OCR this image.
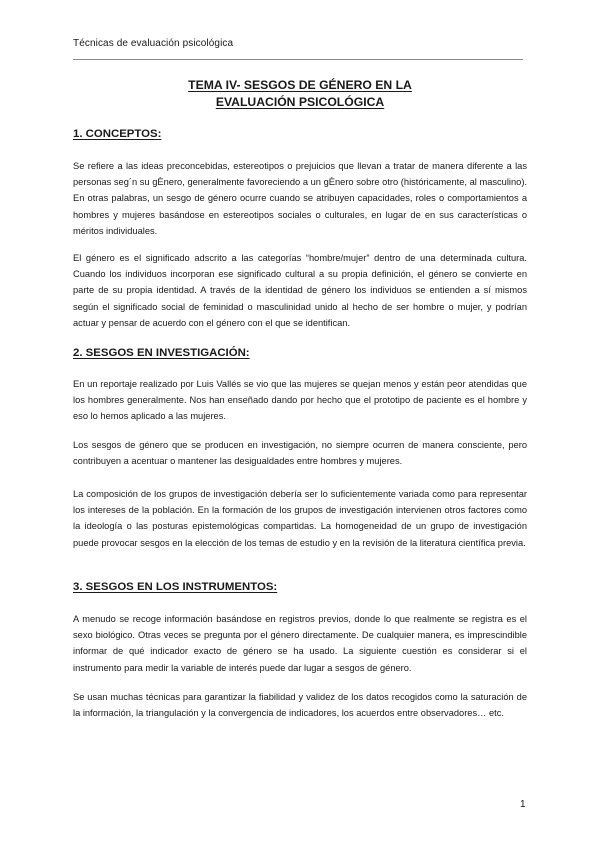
Técnicas de evaluación psicológica
TEMA IV- SESGOS DE GÉNERO EN LA
EVALUACIÓN PSICOLÓGICA
1. CONCEPTOS:
Se refiere a las ideas preconcebidas, estereotipos o prejuicios que llevan a tratar de manera diferente a las personas seg´n su gÈnero, generalmente favoreciendo a un gÈnero sobre otro (históricamente, al masculino). En otras palabras, un sesgo de género ocurre cuando se atribuyen capacidades, roles o comportamientos a hombres y mujeres basándose en estereotipos sociales o culturales, en lugar de en sus características o méritos individuales.
El género es el significado adscrito a las categorías “hombre/mujer” dentro de una determinada cultura. Cuando los individuos incorporan ese significado cultural a su propia definición, el género se convierte en parte de su propia identidad. A través de la identidad de género los individuos se entienden a sí mismos según el significado social de feminidad o masculinidad unido al hecho de ser hombre o mujer, y podrían actuar y pensar de acuerdo con el género con el que se identifican.
2. SESGOS EN INVESTIGACIÓN:
En un reportaje realizado por Luis Vallés se vio que las mujeres se quejan menos y están peor atendidas que los hombres generalmente. Nos han enseñado dando por hecho que el prototipo de paciente es el hombre y eso lo hemos aplicado a las mujeres.
Los sesgos de género que se producen en investigación, no siempre ocurren de manera consciente, pero contribuyen a acentuar o mantener las desigualdades entre hombres y mujeres.
La composición de los grupos de investigación debería ser lo suficientemente variada como para representar los intereses de la población. En la formación de los grupos de investigación intervienen otros factores como la ideología o las posturas epistemológicas compartidas. La homogeneidad de un grupo de investigación puede provocar sesgos en la elección de los temas de estudio y en la revisión de la literatura científica previa.
3. SESGOS EN LOS INSTRUMENTOS:
A menudo se recoge información basándose en registros previos, donde lo que realmente se registra es el sexo biológico. Otras veces se pregunta por el género directamente. De cualquier manera, es imprescindible informar de qué indicador exacto de género se ha usado. La siguiente cuestión es considerar si el instrumento para medir la variable de interés puede dar lugar a sesgos de género.
Se usan muchas técnicas para garantizar la fiabilidad y validez de los datos recogidos como la saturación de la información, la triangulación y la convergencia de indicadores, los acuerdos entre observadores… etc.
1
